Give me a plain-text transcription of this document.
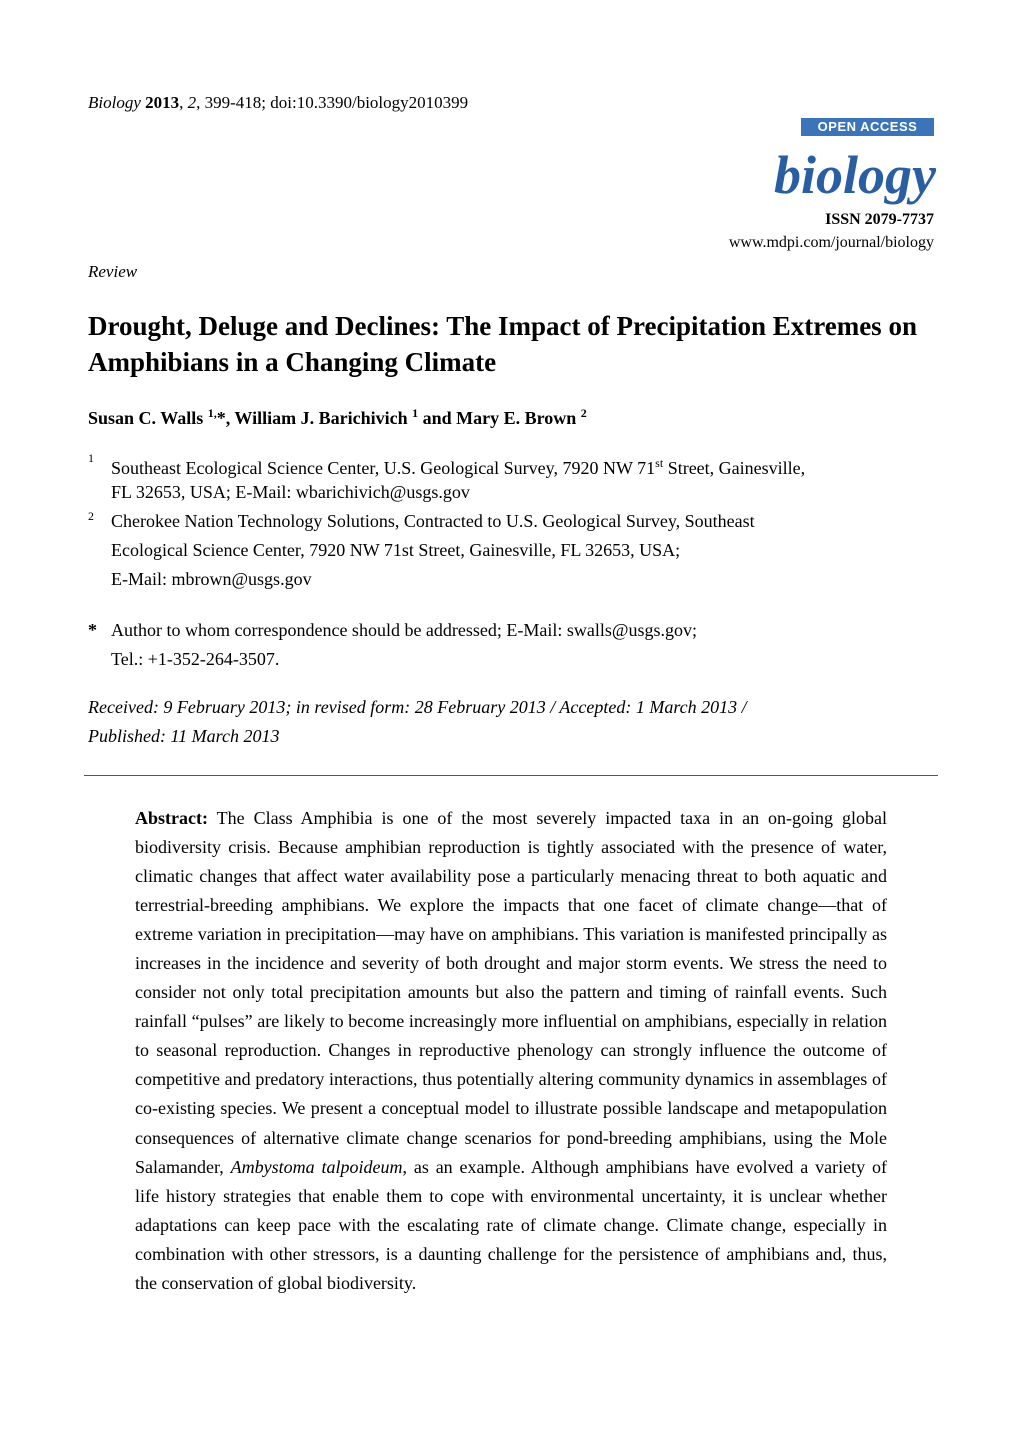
Biology 2013, 2, 399-418; doi:10.3390/biology2010399
OPEN ACCESS
biology
ISSN 2079-7737
www.mdpi.com/journal/biology
Review
Drought, Deluge and Declines: The Impact of Precipitation Extremes on Amphibians in a Changing Climate
Susan C. Walls $^{1,}$*, William J. Barichivich $^1$ and Mary E. Brown $^2$
1 Southeast Ecological Science Center, U.S. Geological Survey, 7920 NW 71st Street, Gainesville,
FL 32653, USA; E-Mail: wbarichivich@usgs.gov
2 Cherokee Nation Technology Solutions, Contracted to U.S. Geological Survey, Southeast
Ecological Science Center, 7920 NW 71st Street, Gainesville, FL 32653, USA;
E-Mail: mbrown@usgs.gov
* Author to whom correspondence should be addressed; E-Mail: swalls@usgs.gov;
Tel.: +1-352-264-3507.
Received: 9 February 2013; in revised form: 28 February 2013 / Accepted: 1 March 2013 /
Published: 11 March 2013
Abstract: The Class Amphibia is one of the most severely impacted taxa in an on-going global biodiversity crisis. Because amphibian reproduction is tightly associated with the presence of water, climatic changes that affect water availability pose a particularly menacing threat to both aquatic and terrestrial-breeding amphibians. We explore the impacts that one facet of climate change—that of extreme variation in precipitation—may have on amphibians. This variation is manifested principally as increases in the incidence and severity of both drought and major storm events. We stress the need to consider not only total precipitation amounts but also the pattern and timing of rainfall events. Such rainfall “pulses” are likely to become increasingly more influential on amphibians, especially in relation to seasonal reproduction. Changes in reproductive phenology can strongly influence the outcome of competitive and predatory interactions, thus potentially altering community dynamics in assemblages of co-existing species. We present a conceptual model to illustrate possible landscape and metapopulation consequences of alternative climate change scenarios for pond-breeding amphibians, using the Mole Salamander, Ambystoma talpoideum, as an example. Although amphibians have evolved a variety of life history strategies that enable them to cope with environmental uncertainty, it is unclear whether adaptations can keep pace with the escalating rate of climate change. Climate change, especially in combination with other stressors, is a daunting challenge for the persistence of amphibians and, thus, the conservation of global biodiversity.
